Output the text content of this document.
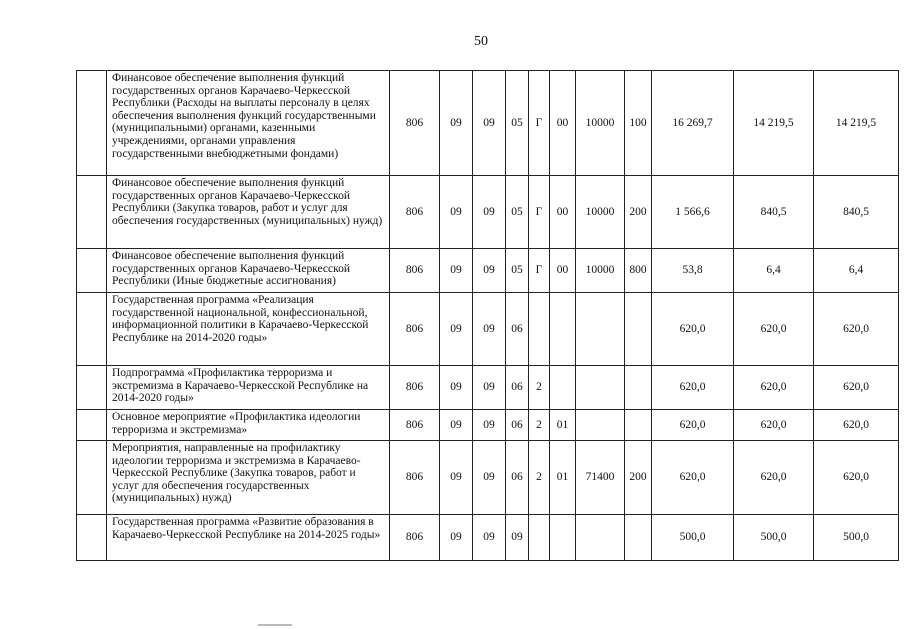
50
	Финансовое обеспечение выполнения функций государственных органов Карачаево-Черкесской Республики (Расходы на выплаты персоналу в целях обеспечения выполнения функций государственными (муниципальными) органами, казенными учреждениями, органами управления государственными внебюджетными фондами)	806	09	09	05	Г	00	10000	100	16 269,7	14 219,5	14 219,5
	Финансовое обеспечение выполнения функций государственных органов Карачаево-Черкесской Республики (Закупка товаров, работ и услуг для обеспечения государственных (муниципальных) нужд)	806	09	09	05	Г	00	10000	200	1 566,6	840,5	840,5
	Финансовое обеспечение выполнения функций государственных органов Карачаево-Черкесской Республики (Иные бюджетные ассигнования)	806	09	09	05	Г	00	10000	800	53,8	6,4	6,4
	Государственная программа «Реализация государственной национальной, конфессиональной, информационной политики в Карачаево-Черкесской Республике на 2014-2020 годы»	806	09	09	06					620,0	620,0	620,0
	Подпрограмма «Профилактика терроризма и экстремизма в Карачаево-Черкесской Республике на 2014-2020 годы»	806	09	09	06	2				620,0	620,0	620,0
	Основное мероприятие «Профилактика идеологии терроризма и экстремизма»	806	09	09	06	2	01			620,0	620,0	620,0
	Мероприятия, направленные на профилактику идеологии терроризма и экстремизма в Карачаево-Черкесской Республике (Закупка товаров, работ и услуг для обеспечения государственных (муниципальных) нужд)	806	09	09	06	2	01	71400	200	620,0	620,0	620,0
	Государственная программа «Развитие образования в Карачаево-Черкесской Республике на 2014-2025 годы»	806	09	09	09					500,0	500,0	500,0
